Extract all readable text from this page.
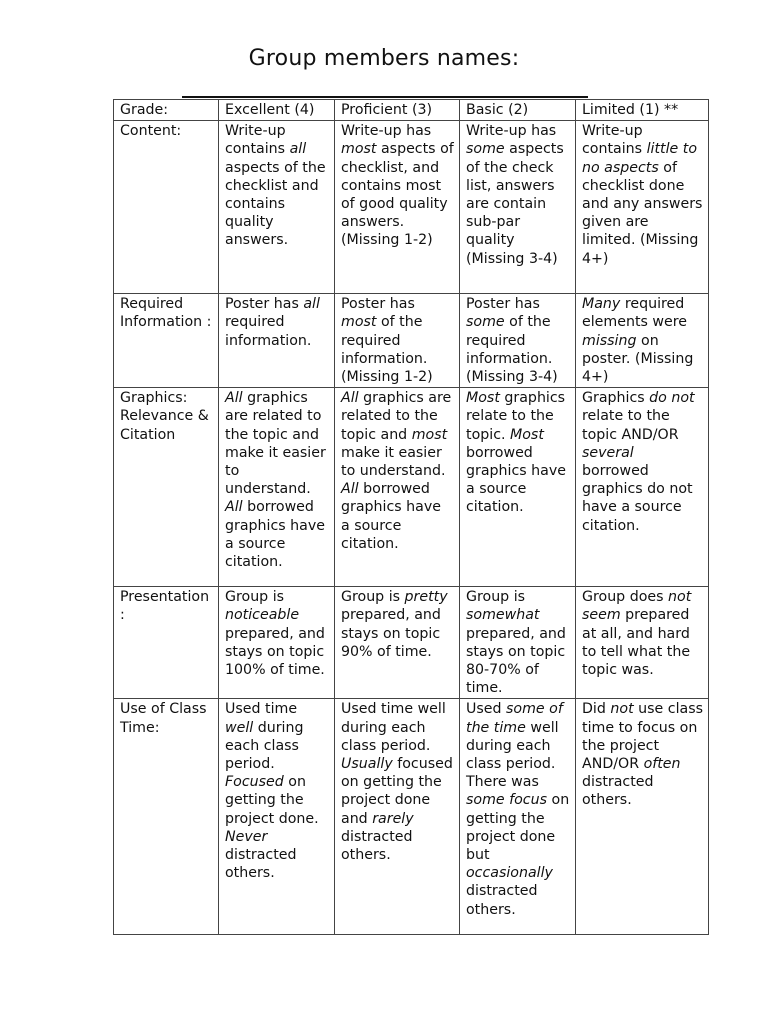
Group members names:
Grade:	Excellent (4)	Proficient (3)	Basic (2)	Limited (1) **
Content:	Write-up contains all aspects of the checklist and contains quality answers.	Write-up has most aspects of checklist, and contains most of good quality answers. (Missing 1-2)	Write-up has some aspects of the check list, answers are contain sub-par quality (Missing 3-4)	Write-up contains little to no aspects of checklist done and any answers given are limited. (Missing 4+)
Required Information :	Poster has all required information.	Poster has most of the required information. (Missing 1-2)	Poster has some of the required information. (Missing 3-4)	Many required elements were missing on poster. (Missing 4+)
Graphics: Relevance & Citation	All graphics are related to the topic and make it easier to understand. All borrowed graphics have a source citation.	All graphics are related to the topic and most make it easier to understand. All borrowed graphics have a source citation.	Most graphics relate to the topic. Most borrowed graphics have a source citation.	Graphics do not relate to the topic AND/OR several borrowed graphics do not have a source citation.
Presentation:	Group is noticeable prepared, and stays on topic 100% of time.	Group is pretty prepared, and stays on topic 90% of time.	Group is somewhat prepared, and stays on topic 80-70% of time.	Group does not seem prepared at all, and hard to tell what the topic was.
Use of Class Time:	Used time well during each class period. Focused on getting the project done. Never distracted others.	Used time well during each class period. Usually focused on getting the project done and rarely distracted others.	Used some of the time well during each class period. There was some focus on getting the project done but occasionally distracted others.	Did not use class time to focus on the project AND/OR often distracted others.
